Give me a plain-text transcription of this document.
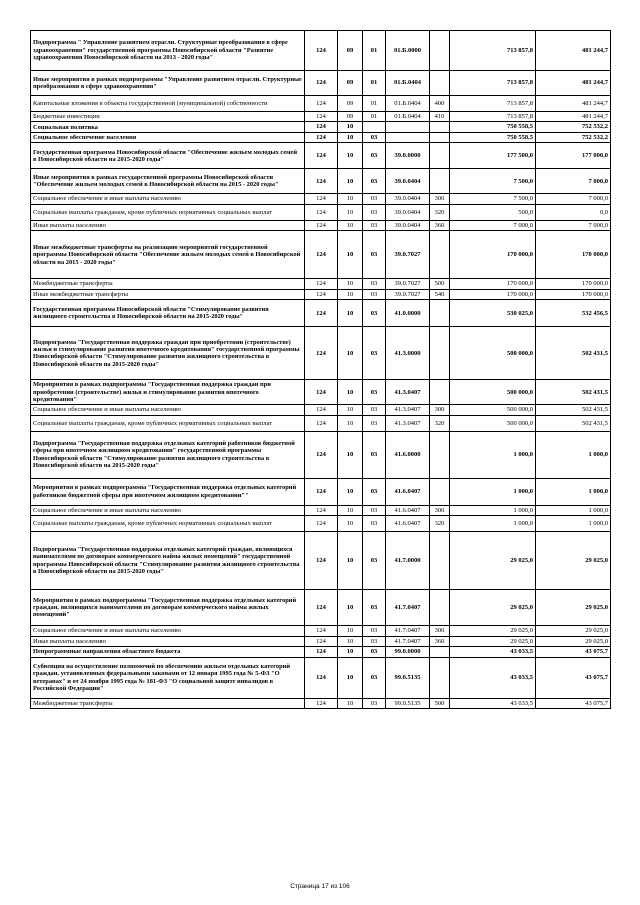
Подпрограмма " Управление развитием отрасли. Структурные преобразования в сфере здравоохранения" государственной программы Новосибирской области "Развитие здравоохранения Новосибирской области на 2013 - 2020 годы"	124	09	01	01.Б.0000		713 857,8	481 244,7
Иные мероприятия в рамках подпрограммы "Управление развитием отрасли. Структурные преобразования в сфере здравоохранения"	124	09	01	01.Б.0404		713 857,8	481 244,7
Капитальные вложения в объекты государственной (муниципальной) собственности	124	09	01	01.Б.0404	400	713 857,8	481 244,7
Бюджетные инвестиции	124	09	01	01.Б.0404	410	713 857,8	481 244,7
Социальная политика	124	10				750 558,5	752 532,2
Социальное обеспечение населения	124	10	03			750 558,5	752 532,2
Государственная программа Новосибирской области "Обеспечение жильем молодых семей в Новосибирской области на 2015-2020 годы"	124	10	03	39.0.0000		177 500,0	177 000,0
Иные мероприятия в рамках государственной программы Новосибирской области "Обеспечение жильем молодых семей в Новосибирской области на 2015 - 2020 годы"	124	10	03	39.0.0404		7 500,0	7 000,0
Социальное обеспечение и иные выплаты населению	124	10	03	39.0.0404	300	7 500,0	7 000,0
Социальные выплаты гражданам, кроме публичных нормативных социальных выплат	124	10	03	39.0.0404	320	500,0	0,0
Иные выплаты населению	124	10	03	39.0.0404	360	7 000,0	7 000,0
Иные межбюджетные трансферты на реализацию мероприятий государственной программы Новосибирской области "Обеспечение жильем молодых семей в Новосибирской области на 2015 - 2020 годы"	124	10	03	39.0.7027		170 000,0	170 000,0
Межбюджетные трансферты	124	10	03	39.0.7027	500	170 000,0	170 000,0
Иные межбюджетные трансферты	124	10	03	39.0.7027	540	170 000,0	170 000,0
Государственная программа Новосибирской области "Стимулирование развития жилищного строительства в Новосибирской области на 2015-2020 годы"	124	10	03	41.0.0000		530 025,0	532 456,5
Подпрограмма "Государственная поддержка граждан при приобретении (строительстве) жилья и стимулирование развития ипотечного кредитования" государственной программы Новосибирской области "Стимулирование развития жилищного строительства в Новосибирской области на 2015-2020 годы"	124	10	03	41.3.0000		500 000,0	502 431,5
Мероприятия в рамках подпрограммы "Государственная поддержка граждан при приобретении (строительстве) жилья и стимулирование развития ипотечного кредитования"	124	10	03	41.3.0407		500 000,0	502 431,5
Социальное обеспечение и иные выплаты населению	124	10	03	41.3.0407	300	500 000,0	502 431,5
Социальные выплаты гражданам, кроме публичных нормативных социальных выплат	124	10	03	41.3.0407	320	500 000,0	502 431,5
Подпрограмма "Государственная поддержка отдельных категорий работников бюджетной сферы при ипотечном жилищном кредитовании" государственной программы Новосибирской области "Стимулирование развития жилищного строительства в Новосибирской области на 2015-2020 годы"	124	10	03	41.6.0000		1 000,0	1 000,0
Мероприятия в рамках подпрограммы "Государственная поддержка отдельных категорий работников бюджетной сферы при ипотечном жилищном кредитовании""	124	10	03	41.6.0407		1 000,0	1 000,0
Социальное обеспечение и иные выплаты населению	124	10	03	41.6.0407	300	1 000,0	1 000,0
Социальные выплаты гражданам, кроме публичных нормативных социальных выплат	124	10	03	41.6.0407	320	1 000,0	1 000,0
Подпрограмма "Государственная поддержка отдельных категорий граждан, являющихся нанимателями по договорам коммерческого найма жилых помещений" государственной программы Новосибирской области "Стимулирование развития жилищного строительства в Новосибирской области на 2015-2020 годы"	124	10	03	41.7.0000		29 025,0	29 025,0
Мероприятия в рамках подпрограммы "Государственная поддержка отдельных категорий граждан, являющихся нанимателями по договорам коммерческого найма жилых помещений"	124	10	03	41.7.0407		29 025,0	29 025,0
Социальное обеспечение и иные выплаты населению	124	10	03	41.7.0407	300	29 025,0	29 025,0
Иные выплаты населению	124	10	03	41.7.0407	360	29 025,0	29 025,0
Непрограммные направления областного бюджета	124	10	03	99.0.0000		43 033,5	43 075,7
Субвенция на осуществление полномочий по обеспечению жильем отдельных категорий граждан, установленных федеральными законами от 12 января 1995 года № 5-ФЗ "О ветеранах" и от 24 ноября 1995 года № 181-ФЗ "О социальной защите инвалидов в Российской Федерации"	124	10	03	99.0.5135		43 033,5	43 075,7
Межбюджетные трансферты	124	10	03	99.0.5135	500	43 033,5	43 075,7
Страница 17 из 106
